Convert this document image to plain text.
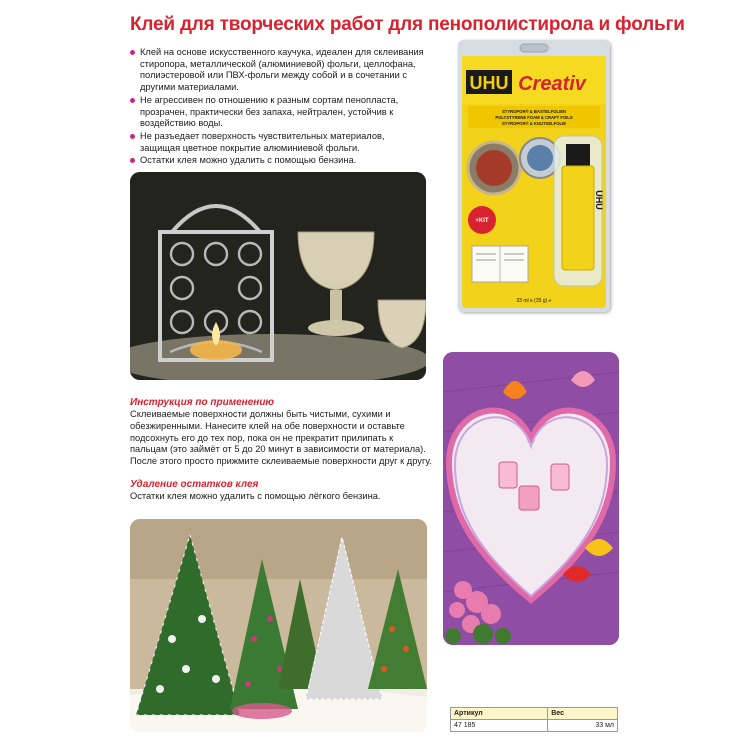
Клей для творческих работ для пенополистирола и фольги
Клей на основе искусственного каучука, идеален для склеивания стиропора, металлической (алюминиевой) фольги, целлофана, полиэстеровой или ПВХ-фольги между собой и в сочетании с другими материалами.
Не агрессивен по отношению к разным сортам пенопласта, прозрачен, практически без запаха, нейтрален, устойчив к воздействию воды.
Не разъедает поверхность чувствительных материалов, защищая цветное покрытие алюминиевой фольги.
Остатки клея можно удалить с помощью бензина.
UHU Creativ
STYROPOR® & BASTELFOLIEN
POLYSTYRENE FOAM & CRAFT FOILS
STYROPOR® & KNUTSELFOLIE
UHU
+KIT
33 ml e (35 g) ℮
Инструкция по применению

Склеиваемые поверхности должны быть чистыми, сухими и обезжиренными. Нанесите клей на обе поверхности и оставьте подсохнуть его до тех пор, пока он не прекратит прилипать к пальцам (это займёт от 5 до 20 минут в зависимости от материала). После этого просто прижмите склеиваемые поверхности друг к другу.

Удаление остатков клея

Остатки клея можно удалить с помощью лёгкого бензина.

Артикул	Вес
47 185	33 мл
